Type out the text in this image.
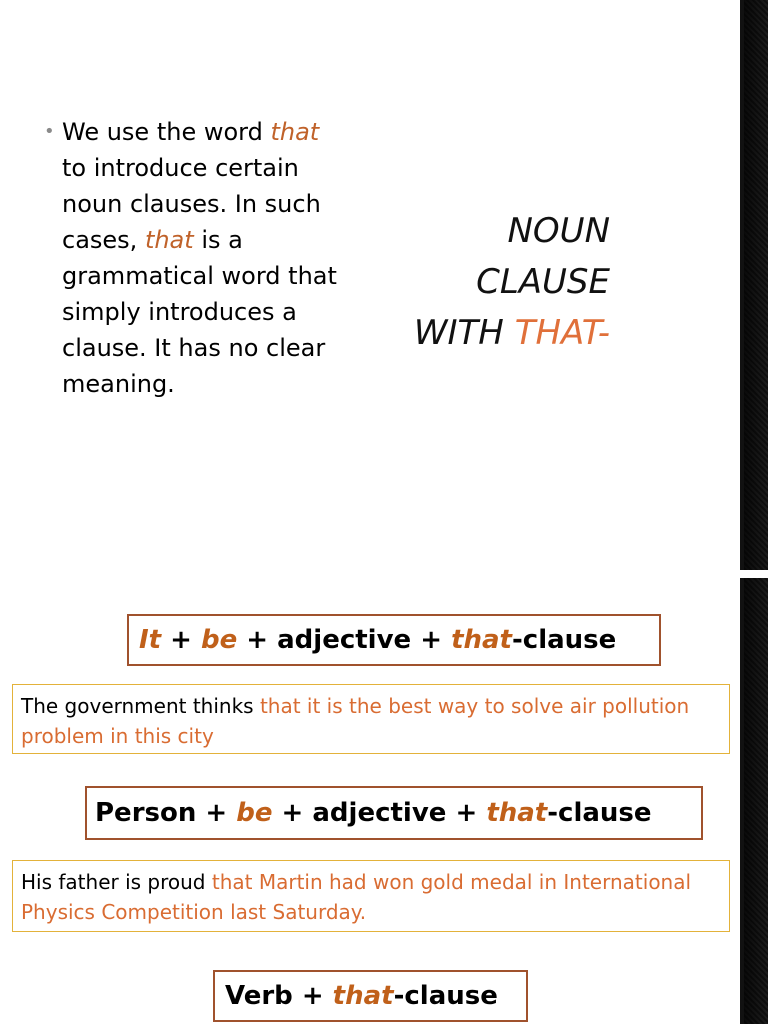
• We use the word that to introduce certain noun clauses. In such cases, that is a grammatical word that simply introduces a clause. It has no clear meaning.
NOUN
CLAUSE
WITH THAT-
It + be + adjective + that -clause
The government thinks that it is the best way to solve air pollution problem in this city
Person + be + adjective + that -clause
His father is proud that Martin had won gold medal in International Physics Competition last Saturday.
Verb + that -clause
